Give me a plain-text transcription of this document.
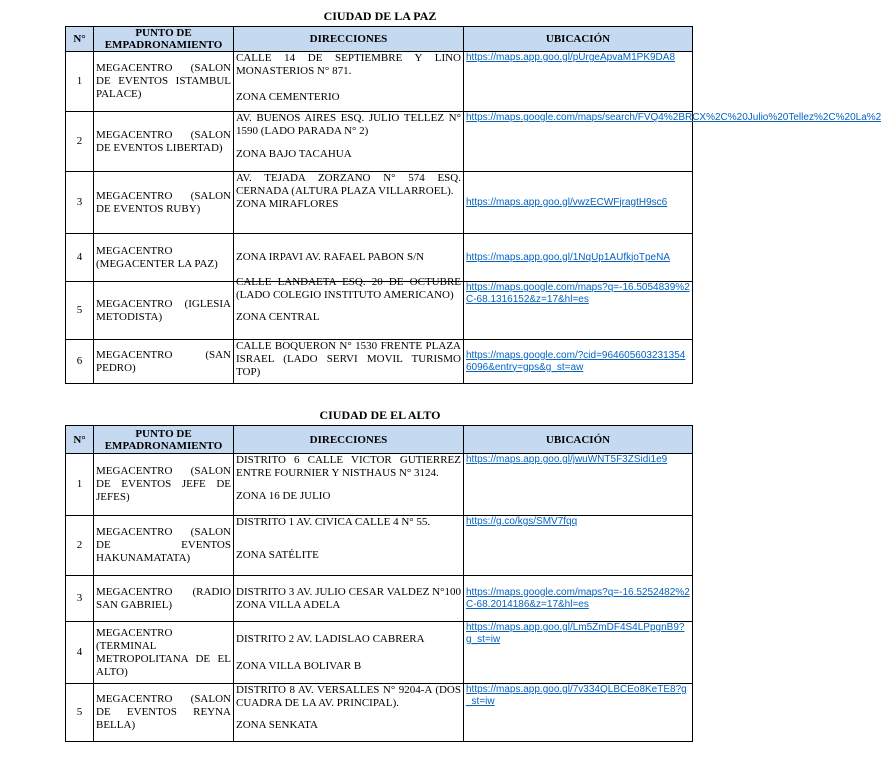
CIUDAD DE LA PAZ
N°	PUNTO DE EMPADRONAMIENTO	DIRECCIONES	UBICACIÓN
1	MEGACENTRO (SALON DE EVENTOS ISTAMBUL PALACE)	CALLE 14 DE SEPTIEMBRE Y LINO MONASTERIOS N° 871.
ZONA CEMENTERIO	https://maps.app.goo.gl/pUrgeApvaM1PK9DA8
2	MEGACENTRO (SALON DE EVENTOS LIBERTAD)	AV. BUENOS AIRES ESQ. JULIO TELLEZ N° 1590 (LADO PARADA N° 2)
ZONA BAJO TACAHUA	https://maps.google.com/maps/search/FVQ4%2BRCX%2C%20Julio%20Tellez%2C%20La%2

3	MEGACENTRO (SALON DE EVENTOS RUBY)	AV. TEJADA ZORZANO N° 574 ESQ. CERNADA (ALTURA PLAZA VILLARROEL).
ZONA MIRAFLORES	https://maps.app.goo.gl/vwzECWFjragtH9sc6
4	MEGACENTRO (MEGACENTER LA PAZ)	ZONA IRPAVI AV. RAFAEL PABON S/N	https://maps.app.goo.gl/1NqUp1AUfkjoTpeNA
5	MEGACENTRO (IGLESIA METODISTA)	CALLE LANDAETA ESQ. 20 DE OCTUBRE (LADO COLEGIO INSTITUTO AMERICANO)
ZONA CENTRAL	https://maps.google.com/maps?q=-16.5054839%2C-68.1316152&z=17&hl=es
6	MEGACENTRO (SAN PEDRO)	CALLE BOQUERON N° 1530 FRENTE PLAZA ISRAEL (LADO SERVI MOVIL TURISMO TOP)	https://maps.google.com/?cid=9646056032313546096&entry=gps&g_st=aw
CIUDAD DE EL ALTO
N°	PUNTO DE EMPADRONAMIENTO	DIRECCIONES	UBICACIÓN
1	MEGACENTRO (SALON DE EVENTOS JEFE DE JEFES)	DISTRITO 6 CALLE VICTOR GUTIERREZ ENTRE FOURNIER Y NISTHAUS N° 3124.
ZONA 16 DE JULIO	https://maps.app.goo.gl/jwuWNT5F3ZSidi1e9
2	MEGACENTRO (SALON DE EVENTOS HAKUNAMATATA)	DISTRITO 1 AV. CIVICA CALLE 4 N° 55.
ZONA SATÉLITE	https://g.co/kgs/SMV7fqq
3	MEGACENTRO (RADIO SAN GABRIEL)	DISTRITO 3 AV. JULIO CESAR VALDEZ N°100 ZONA VILLA ADELA	https://maps.google.com/maps?q=-16.5252482%2C-68.2014186&z=17&hl=es
4	MEGACENTRO (TERMINAL METROPOLITANA DE EL ALTO)	DISTRITO 2 AV. LADISLAO CABRERA
ZONA VILLA BOLIVAR B	https://maps.app.goo.gl/Lm5ZmDF4S4LPpgnB9?g_st=iw
5	MEGACENTRO (SALON DE EVENTOS REYNA BELLA)	DISTRITO 8 AV. VERSALLES N° 9204-A (DOS CUADRA DE LA AV. PRINCIPAL).
ZONA SENKATA	https://maps.app.goo.gl/7v334QLBCEo8KeTE8?g_st=iw
